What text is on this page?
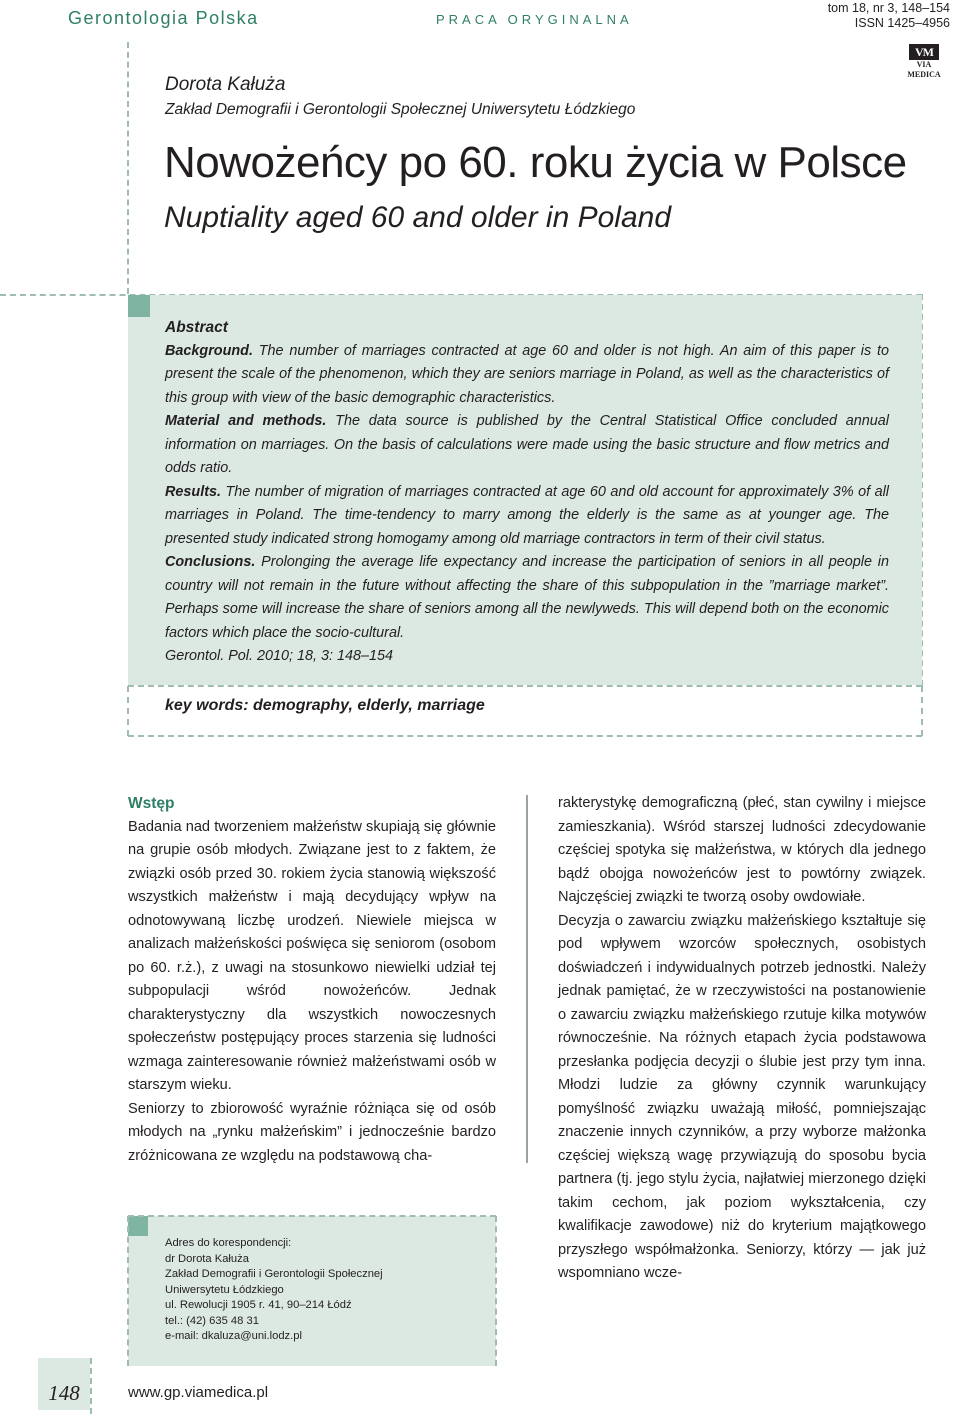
Gerontologia Polska	PRACA ORYGINALNA
tom 18, nr 3, 148–154
ISSN 1425–4956
VM
VIA MEDICA
Dorota Kałuża
Zakład Demografii i Gerontologii Społecznej Uniwersytetu Łódzkiego
Nowożeńcy po 60. roku życia w Polsce
Nuptiality aged 60 and older in Poland
Abstract

Background. The number of marriages contracted at age 60 and older is not high. An aim of this paper is to present the scale of the phenomenon, which they are seniors marriage in Poland, as well as the characteristics of this group with view of the basic demographic characteristics.

Material and methods. The data source is published by the Central Statistical Office concluded annual information on marriages. On the basis of calculations were made using the basic structure and flow metrics and odds ratio.

Results. The number of migration of marriages contracted at age 60 and old account for approximately 3% of all marriages in Poland. The time-tendency to marry among the elderly is the same as at younger age. The presented study indicated strong homogamy among old marriage contractors in term of their civil status.

Conclusions. Prolonging the average life expectancy and increase the participation of seniors in all people in country will not remain in the future without affecting the share of this subpopulation in the ”marriage market”. Perhaps some will increase the share of seniors among all the newlyweds. This will depend both on the economic factors which place the socio-cultural.

Gerontol. Pol. 2010; 18, 3: 148–154

key words: demography, elderly, marriage
Wstęp

Badania nad tworzeniem małżeństw skupiają się głównie na grupie osób młodych. Związane jest to z faktem, że związki osób przed 30. rokiem życia stanowią większość wszystkich małżeństw i mają decydujący wpływ na odnotowywaną liczbę urodzeń. Niewiele miejsca w analizach małżeńskości poświęca się seniorom (osobom po 60. r.ż.), z uwagi na stosunkowo niewielki udział tej subpopulacji wśród nowożeńców. Jednak charakterystyczny dla wszystkich nowoczesnych społeczeństw postępujący proces starzenia się ludności wzmaga zainteresowanie również małżeństwami osób w starszym wieku.

Seniorzy to zbiorowość wyraźnie różniąca się od osób młodych na „rynku małżeńskim” i jednocześnie bardzo zróżnicowana ze względu na podstawową cha-

rakterystykę demograficzną (płeć, stan cywilny i miejsce zamieszkania). Wśród starszej ludności zdecydowanie częściej spotyka się małżeństwa, w których dla jednego bądź obojga nowożeńców jest to powtórny związek. Najczęściej związki te tworzą osoby owdowiałe.

Decyzja o zawarciu związku małżeńskiego kształtuje się pod wpływem wzorców społecznych, osobistych doświadczeń i indywidualnych potrzeb jednostki. Należy jednak pamiętać, że w rzeczywistości na postanowienie o zawarciu związku małżeńskiego rzutuje kilka motywów równocześnie. Na różnych etapach życia podstawowa przesłanka podjęcia decyzji o ślubie jest przy tym inna. Młodzi ludzie za główny czynnik warunkujący pomyślność związku uważają miłość, pomniejszając znaczenie innych czynników, a przy wyborze małżonka częściej większą wagę przywiązują do sposobu bycia partnera (tj. jego stylu życia, najłatwiej mierzonego dzięki takim cechom, jak poziom wykształcenia, czy kwalifikacje zawodowe) niż do kryterium majątkowego przyszłego współmałżonka. Seniorzy, którzy — jak już wspomniano wcze-

Adres do korespondencji:
dr Dorota Kałuża
Zakład Demografii i Gerontologii Społecznej
Uniwersytetu Łódzkiego
ul. Rewolucji 1905 r. 41, 90–214 Łódź
tel.: (42) 635 48 31
e-mail: dkaluza@uni.lodz.pl
148	www.gp.viamedica.pl
